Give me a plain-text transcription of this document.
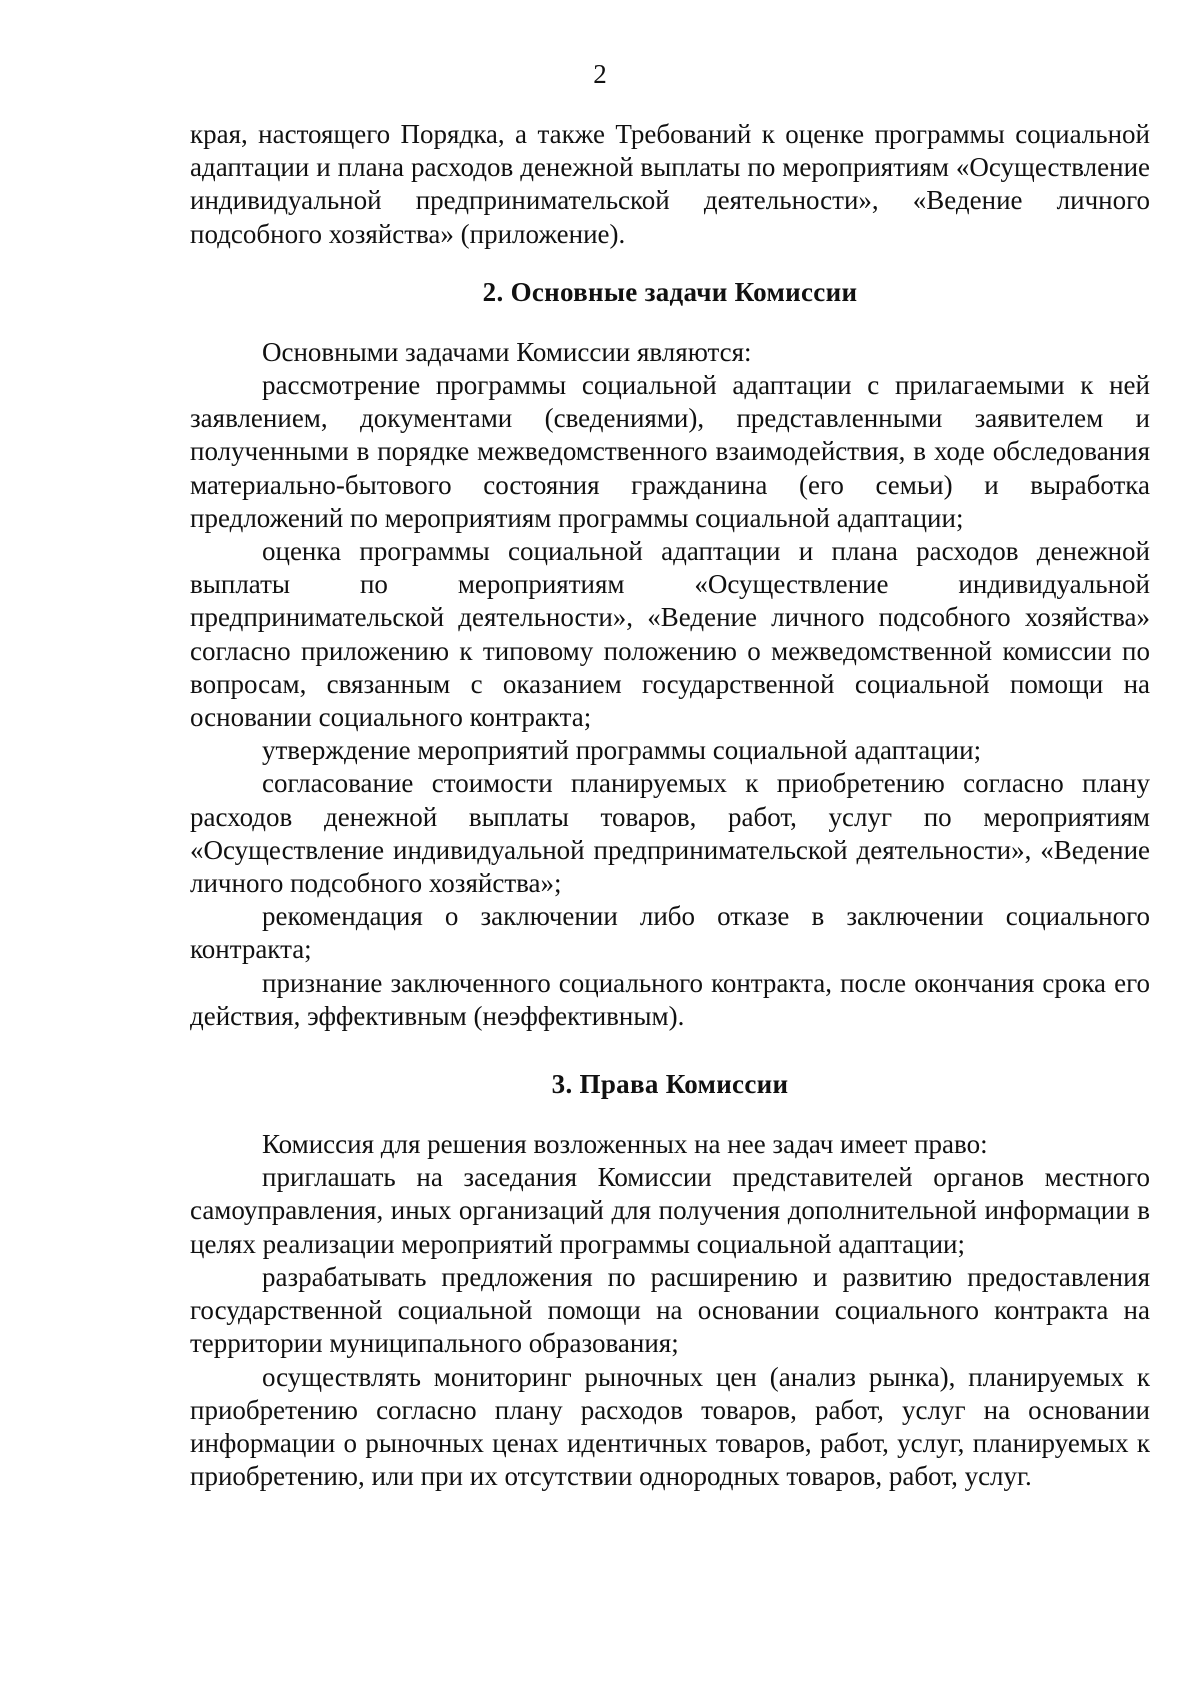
2

края, настоящего Порядка, а также Требований к оценке программы социальной адаптации и плана расходов денежной выплаты по мероприятиям «Осуществление индивидуальной предпринимательской деятельности», «Ведение личного подсобного хозяйства» (приложение).

2. Основные задачи Комиссии

Основными задачами Комиссии являются:

рассмотрение программы социальной адаптации с прилагаемыми к ней заявлением, документами (сведениями), представленными заявителем и полученными в порядке межведомственного взаимодействия, в ходе обследования материально-бытового состояния гражданина (его семьи) и выработка предложений по мероприятиям программы социальной адаптации;

оценка программы социальной адаптации и плана расходов денежной выплаты по мероприятиям «Осуществление индивидуальной предпринимательской деятельности», «Ведение личного подсобного хозяйства» согласно приложению к типовому положению о межведомственной комиссии по вопросам, связанным с оказанием государственной социальной помощи на основании социального контракта;

утверждение мероприятий программы социальной адаптации;

согласование стоимости планируемых к приобретению согласно плану расходов денежной выплаты товаров, работ, услуг по мероприятиям «Осуществление индивидуальной предпринимательской деятельности», «Ведение личного подсобного хозяйства»;

рекомендация о заключении либо отказе в заключении социального контракта;

признание заключенного социального контракта, после окончания срока его действия, эффективным (неэффективным).

3. Права Комиссии

Комиссия для решения возложенных на нее задач имеет право:

приглашать на заседания Комиссии представителей органов местного самоуправления, иных организаций для получения дополнительной информации в целях реализации мероприятий программы социальной адаптации;

разрабатывать предложения по расширению и развитию предоставления государственной социальной помощи на основании социального контракта на территории муниципального образования;

осуществлять мониторинг рыночных цен (анализ рынка), планируемых к приобретению согласно плану расходов товаров, работ, услуг на основании информации о рыночных ценах идентичных товаров, работ, услуг, планируемых к приобретению, или при их отсутствии однородных товаров, работ, услуг.
